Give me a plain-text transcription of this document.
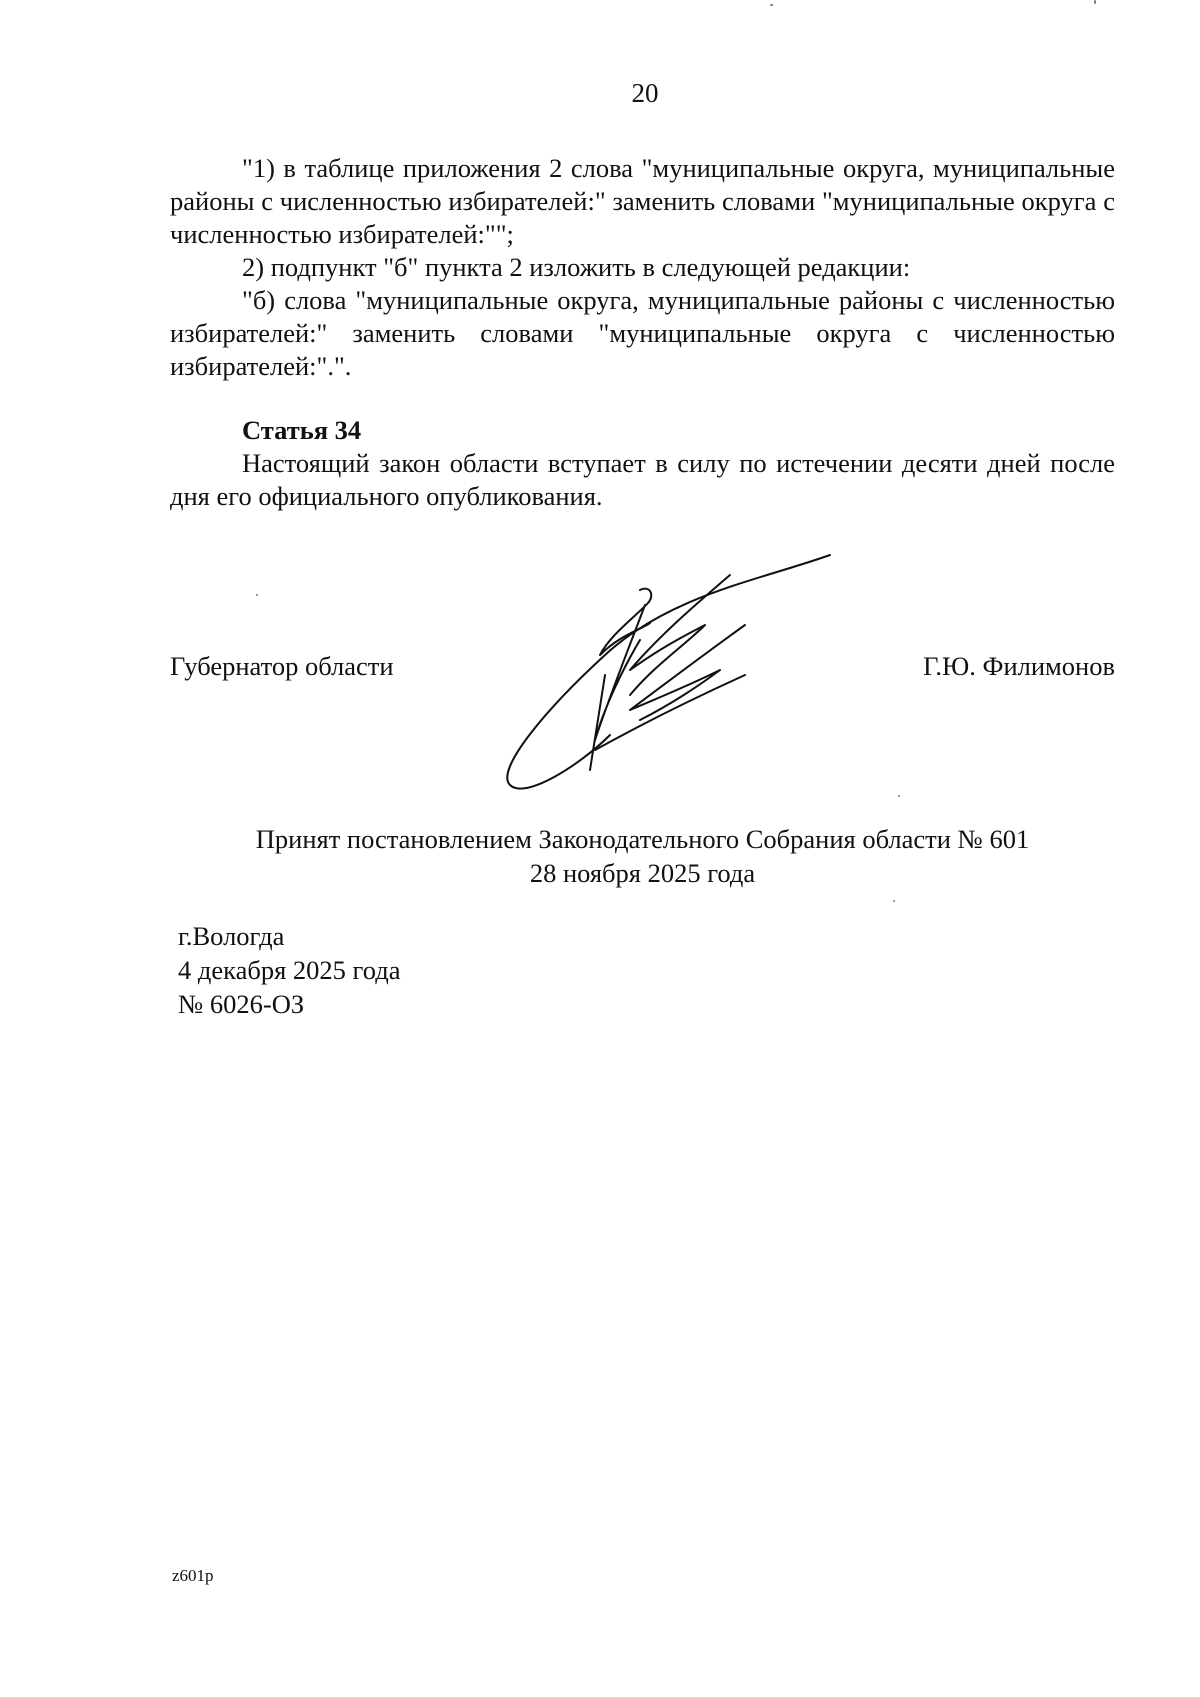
20

"1) в таблице приложения 2 слова "муниципальные округа, муниципальные районы с численностью избирателей:" заменить словами "муниципальные округа с численностью избирателей:"";

2) подпункт "б" пункта 2 изложить в следующей редакции:

"б) слова "муниципальные округа, муниципальные районы с численностью избирателей:" заменить словами "муниципальные округа с численностью избирателей:".".

Статья 34

Настоящий закон области вступает в силу по истечении десяти дней после дня его официального опубликования.

Губернатор области	Г.Ю. Филимонов
Принят постановлением Законодательного Собрания области № 601
28 ноября 2025 года
г.Вологда
4 декабря 2025 года
№ 6026-ОЗ
z601p
